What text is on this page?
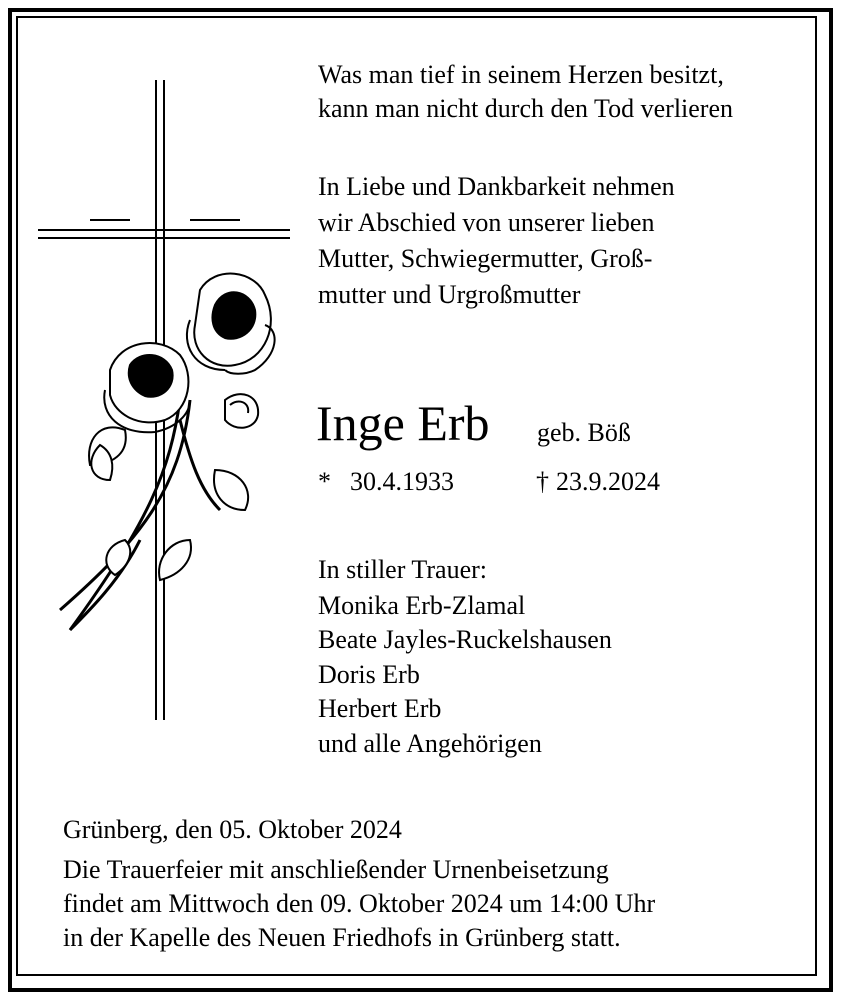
Was man tief in seinem Herzen besitzt,
kann man nicht durch den Tod verlieren
In Liebe und Dankbarkeit nehmen
wir Abschied von unserer lieben
Mutter, Schwiegermutter, Groß-
mutter und Urgroßmutter
Inge Erb geb. Böß
* 30.4.1933	† 23.9.2024
In stiller Trauer:
Monika Erb-Zlamal
Beate Jayles-Ruckelshausen
Doris Erb
Herbert Erb
und alle Angehörigen
Grünberg, den 05. Oktober 2024
Die Trauerfeier mit anschließender Urnenbeisetzung
findet am Mittwoch den 09. Oktober 2024 um 14:00 Uhr
in der Kapelle des Neuen Friedhofs in Grünberg statt.
